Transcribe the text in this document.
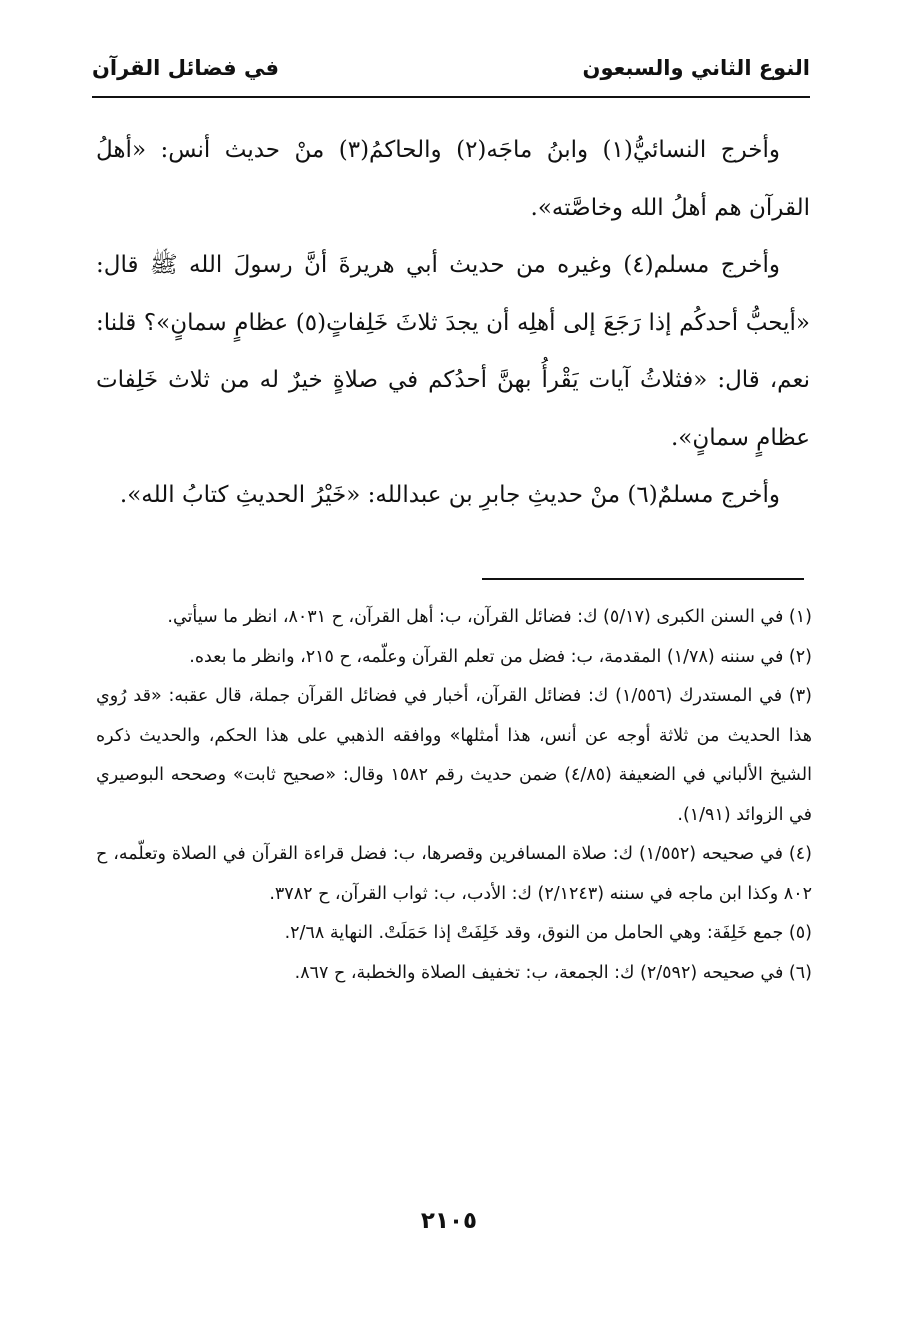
النوع الثاني والسبعون
في فضائل القرآن

وأخرج النسائيُّ(١) وابنُ ماجَه(٢) والحاكمُ(٣) منْ حديث أنس: «أهلُ القرآن هم أهلُ الله وخاصَّته».

وأخرج مسلم(٤) وغيره من حديث أبي هريرةَ أنَّ رسولَ الله ﷺ قال: «أيحبُّ أحدكُم إذا رَجَعَ إلى أهلِه أن يجدَ ثلاثَ خَلِفاتٍ(٥) عظامٍ سمانٍ»؟ قلنا: نعم، قال: «فثلاثُ آيات يَقْرأُ بهنَّ أحدُكم في صلاةٍ خيرٌ له من ثلاث خَلِفات عظامٍ سمانٍ».

وأخرج مسلمٌ(٦) منْ حديثِ جابرِ بن عبدالله: «خَيْرُ الحديثِ كتابُ الله».

(١) في السنن الكبرى (٥/١٧) ك: فضائل القرآن، ب: أهل القرآن، ح ٨٠٣١، انظر ما سيأتي.
(٢) في سننه (١/٧٨) المقدمة، ب: فضل من تعلم القرآن وعلّمه، ح ٢١٥، وانظر ما بعده.
(٣) في المستدرك (١/٥٥٦) ك: فضائل القرآن، أخبار في فضائل القرآن جملة، قال عقبه: «قد رُوي هذا الحديث من ثلاثة أوجه عن أنس، هذا أمثلها» ووافقه الذهبي على هذا الحكم، والحديث ذكره الشيخ الألباني في الضعيفة (٤/٨٥) ضمن حديث رقم ١٥٨٢ وقال: «صحيح ثابت» وصححه البوصيري في الزوائد (١/٩١).
(٤) في صحيحه (١/٥٥٢) ك: صلاة المسافرين وقصرها، ب: فضل قراءة القرآن في الصلاة وتعلّمه، ح ٨٠٢ وكذا ابن ماجه في سننه (٢/١٢٤٣) ك: الأدب، ب: ثواب القرآن، ح ٣٧٨٢.
(٥) جمع خَلِفَة: وهي الحامل من النوق، وقد خَلِفَتْ إذا حَمَلَتْ. النهاية ٢/٦٨.
(٦) في صحيحه (٢/٥٩٢) ك: الجمعة، ب: تخفيف الصلاة والخطبة، ح ٨٦٧.
٢١٠٥
